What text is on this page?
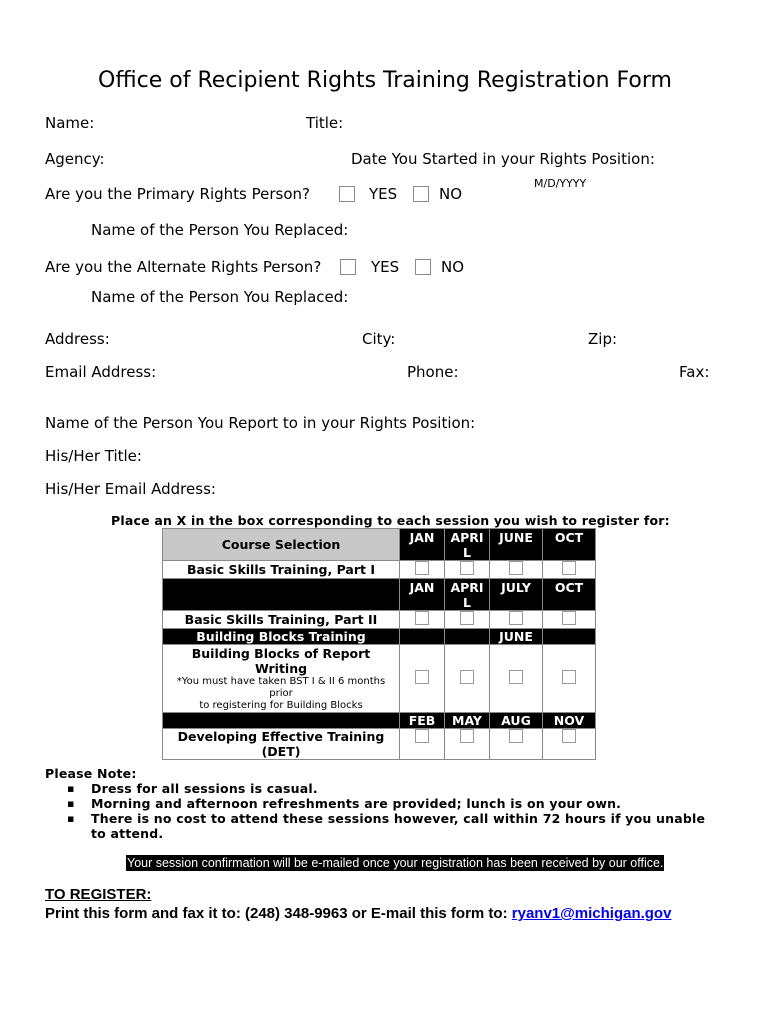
Office of Recipient Rights Training Registration Form
Name:	Title:
Agency:	Date You Started in your Rights Position:
M/D/YYYY
Are you the Primary Rights Person?	YES	NO
Name of the Person You Replaced:
Are you the Alternate Rights Person?	YES	NO
Name of the Person You Replaced:
Address:	City:	Zip:
Email Address:	Phone:	Fax:
Name of the Person You Report to in your Rights Position:
His/Her Title:
His/Her Email Address:
Place an X in the box corresponding to each session you wish to register for:
Course Selection	JAN	APRI L	JUNE	OCT

Basic Skills Training, Part I				

	JAN	APRI L	JULY	OCT

Basic Skills Training, Part II				
Building Blocks Training			JUNE	

Building Blocks of Report Writing
*You must have taken BST I & II 6 months
prior
to registering for Building Blocks				

	FEB	MAY	AUG	NOV

Developing Effective Training (DET)				

Please Note:
▪ Dress for all sessions is casual.
▪ Morning and afternoon refreshments are provided; lunch is on your own.
▪ There is no cost to attend these sessions however, call within 72 hours if you unable to attend.
Your session confirmation will be e-mailed once your registration has been received by our office.
TO REGISTER:
Print this form and fax it to: (248) 348-9963 or E-mail this form to: ryanv1@michigan.gov
